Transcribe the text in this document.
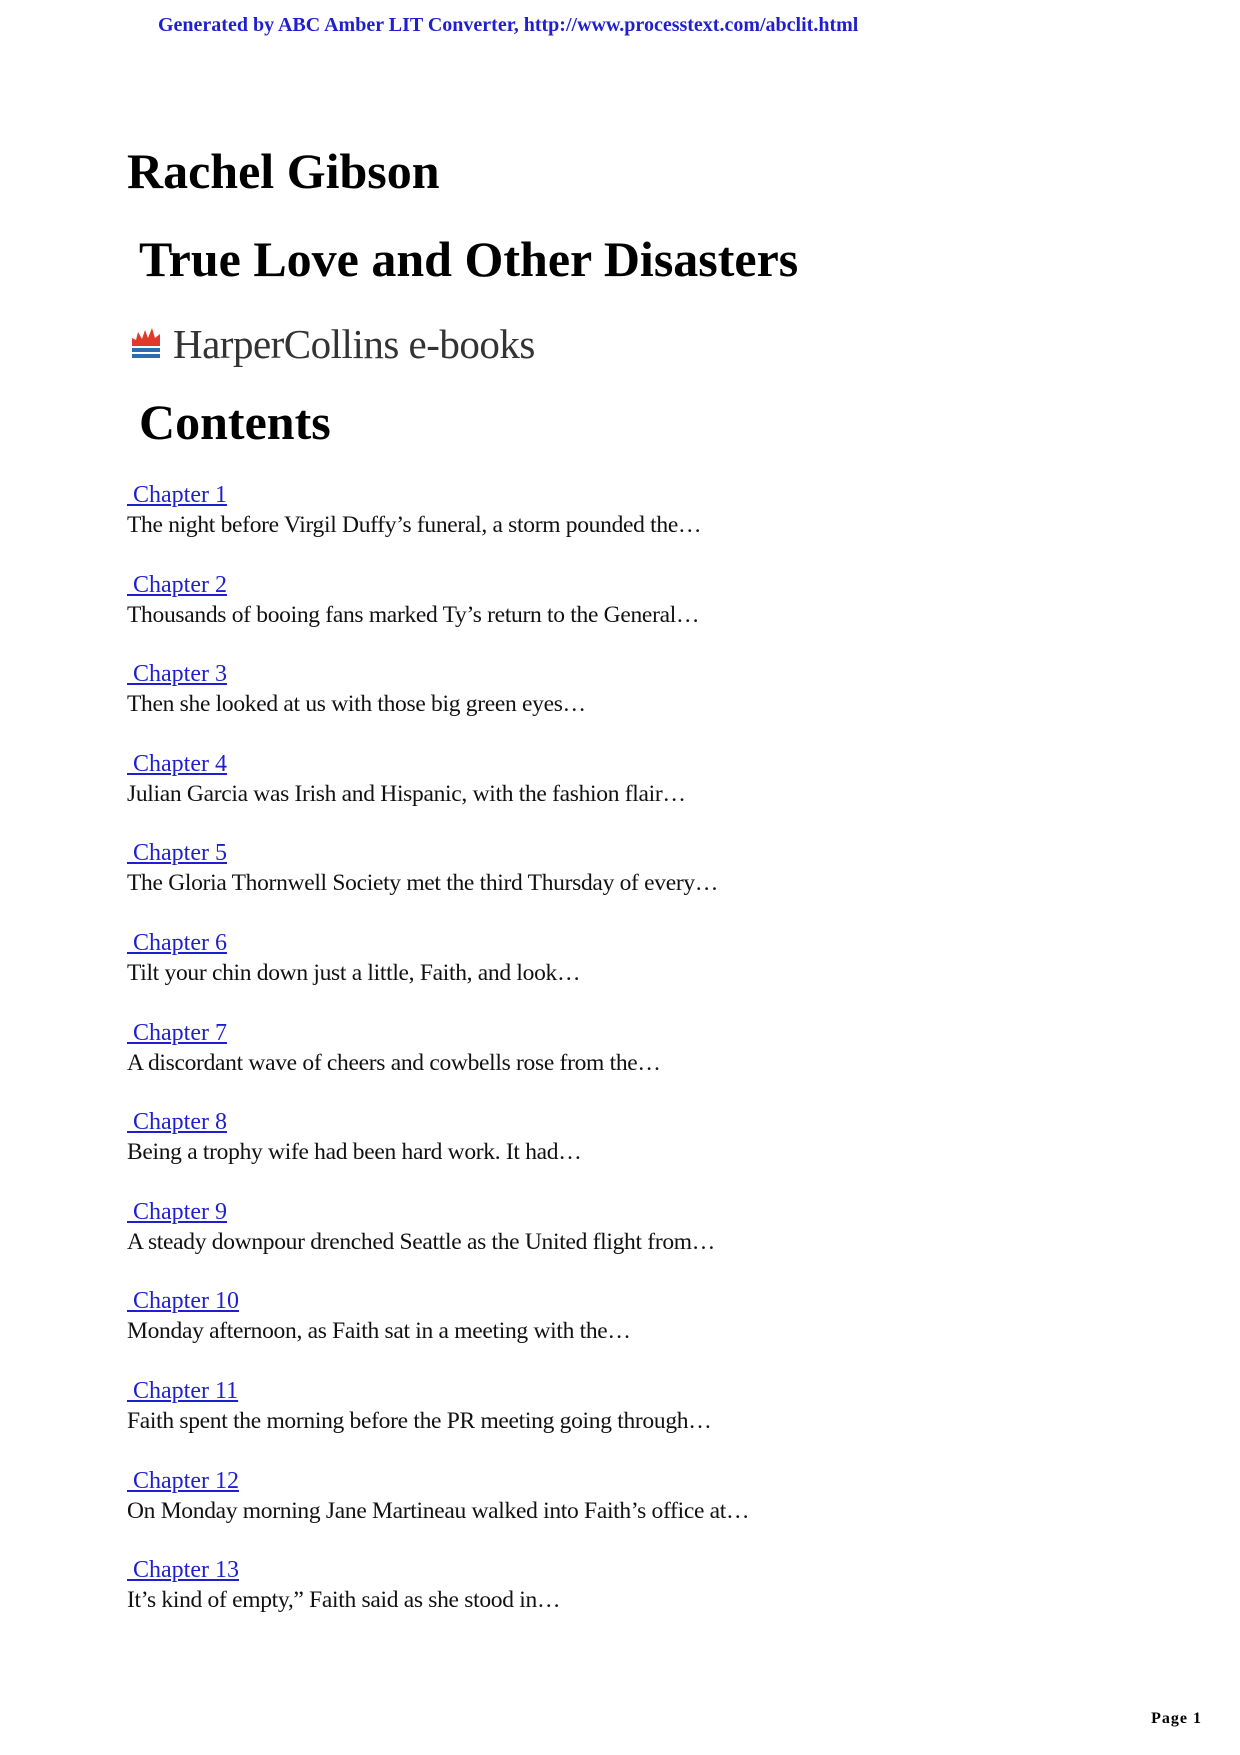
Generated by ABC Amber LIT Converter, http://www.processtext.com/abclit.html
Rachel Gibson
True Love and Other Disasters
HarperCollins e-books
Contents
Chapter 1
The night before Virgil Duffy’s funeral, a storm pounded the…
Chapter 2
Thousands of booing fans marked Ty’s return to the General…
Chapter 3
Then she looked at us with those big green eyes…
Chapter 4
Julian Garcia was Irish and Hispanic, with the fashion flair…
Chapter 5
The Gloria Thornwell Society met the third Thursday of every…
Chapter 6
Tilt your chin down just a little, Faith, and look…
Chapter 7
A discordant wave of cheers and cowbells rose from the…
Chapter 8
Being a trophy wife had been hard work. It had…
Chapter 9
A steady downpour drenched Seattle as the United flight from…
Chapter 10
Monday afternoon, as Faith sat in a meeting with the…
Chapter 11
Faith spent the morning before the PR meeting going through…
Chapter 12
On Monday morning Jane Martineau walked into Faith’s office at…
Chapter 13
It’s kind of empty,” Faith said as she stood in…
Page 1
